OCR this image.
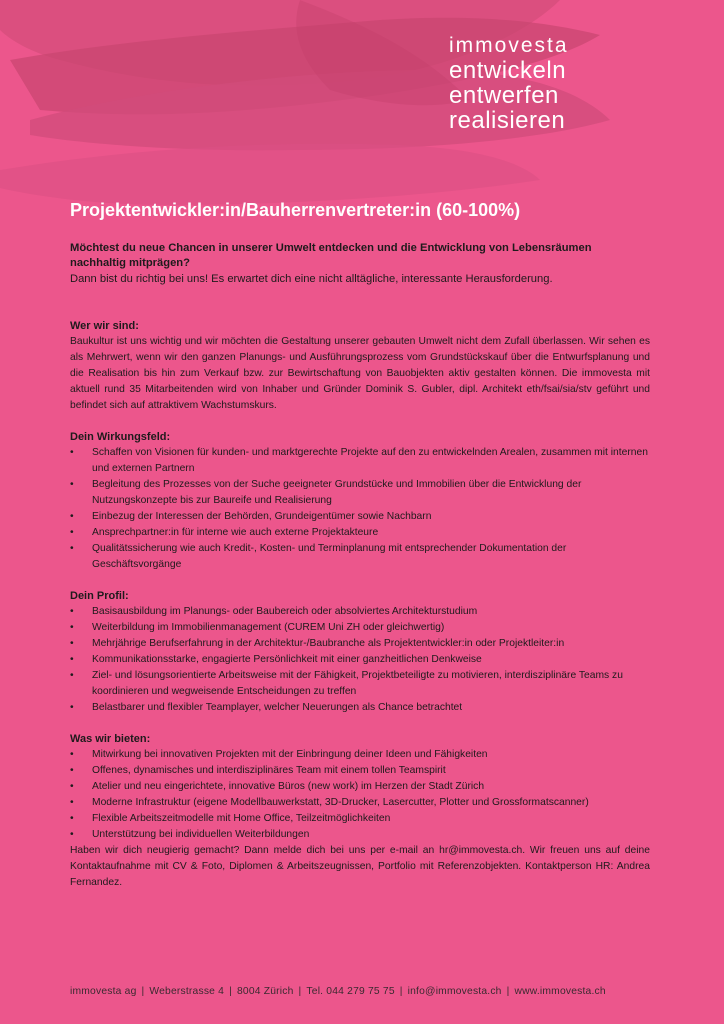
immovesta
entwickeln
entwerfen
realisieren
Projektentwickler:in/Bauherrenvertreter:in (60-100%)
Möchtest du neue Chancen in unserer Umwelt entdecken und die Entwicklung von Lebensräumen nachhaltig mitprägen?
Dann bist du richtig bei uns! Es erwartet dich eine nicht alltägliche, interessante Herausforderung.
Wer wir sind:

Baukultur ist uns wichtig und wir möchten die Gestaltung unserer gebauten Umwelt nicht dem Zufall überlassen. Wir sehen es als Mehrwert, wenn wir den ganzen Planungs- und Ausführungsprozess vom Grundstückskauf über die Entwurfsplanung und die Realisation bis hin zum Verkauf bzw. zur Bewirtschaftung von Bauobjekten aktiv gestalten können. Die immovesta mit aktuell rund 35 Mitarbeitenden wird von Inhaber und Gründer Dominik S. Gubler, dipl. Architekt eth/fsai/sia/stv geführt und befindet sich auf attraktivem Wachstumskurs.

Dein Wirkungsfeld:
• Schaffen von Visionen für kunden- und marktgerechte Projekte auf den zu entwickelnden Arealen, zusammen mit internen und externen Partnern
• Begleitung des Prozesses von der Suche geeigneter Grundstücke und Immobilien über die Entwicklung der Nutzungskonzepte bis zur Baureife und Realisierung
• Einbezug der Interessen der Behörden, Grundeigentümer sowie Nachbarn
• Ansprechpartner:in für interne wie auch externe Projektakteure
• Qualitätssicherung wie auch Kredit-, Kosten- und Terminplanung mit entsprechender Dokumentation der Geschäftsvorgänge
Dein Profil:
• Basisausbildung im Planungs- oder Baubereich oder absolviertes Architekturstudium
• Weiterbildung im Immobilienmanagement (CUREM Uni ZH oder gleichwertig)
• Mehrjährige Berufserfahrung in der Architektur-/Baubranche als Projektentwickler:in oder Projektleiter:in
• Kommunikationsstarke, engagierte Persönlichkeit mit einer ganzheitlichen Denkweise
• Ziel- und lösungsorientierte Arbeitsweise mit der Fähigkeit, Projektbeteiligte zu motivieren, interdisziplinäre Teams zu koordinieren und wegweisende Entscheidungen zu treffen
• Belastbarer und flexibler Teamplayer, welcher Neuerungen als Chance betrachtet
Was wir bieten:
• Mitwirkung bei innovativen Projekten mit der Einbringung deiner Ideen und Fähigkeiten
• Offenes, dynamisches und interdisziplinäres Team mit einem tollen Teamspirit
• Atelier und neu eingerichtete, innovative Büros (new work) im Herzen der Stadt Zürich
• Moderne Infrastruktur (eigene Modellbauwerkstatt, 3D-Drucker, Lasercutter, Plotter und Grossformatscanner)
• Flexible Arbeitszeitmodelle mit Home Office, Teilzeitmöglichkeiten
• Unterstützung bei individuellen Weiterbildungen

Haben wir dich neugierig gemacht? Dann melde dich bei uns per e-mail an hr@immovesta.ch. Wir freuen uns auf deine Kontaktaufnahme mit CV & Foto, Diplomen & Arbeitszeugnissen, Portfolio mit Referenzobjekten. Kontaktperson HR: Andrea Fernandez.

immovesta ag | Weberstrasse 4 | 8004 Zürich | Tel. 044 279 75 75 | info@immovesta.ch | www.immovesta.ch
